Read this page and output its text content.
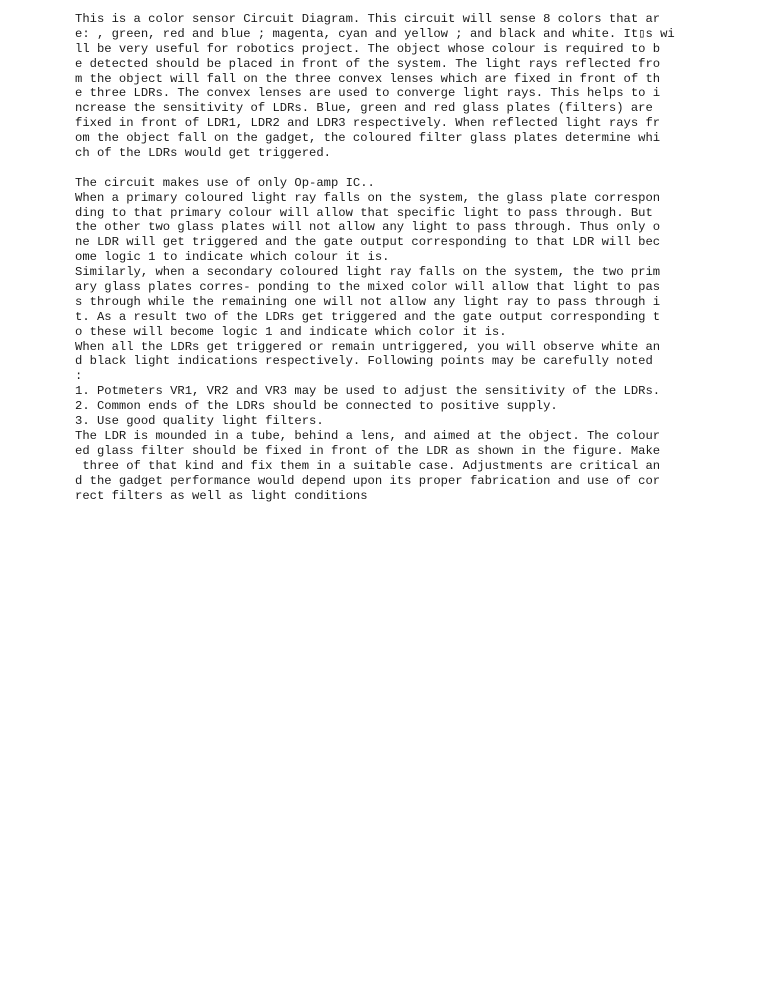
This is a color sensor Circuit Diagram. This circuit will sense 8 colors that ar
e: , green, red and blue ; magenta, cyan and yellow ; and black and white. It▯s wi
ll be very useful for robotics project. The object whose colour is required to b
e detected should be placed in front of the system. The light rays reflected fro
m the object will fall on the three convex lenses which are fixed in front of th
e three LDRs. The convex lenses are used to converge light rays. This helps to i
ncrease the sensitivity of LDRs. Blue, green and red glass plates (filters) are
fixed in front of LDR1, LDR2 and LDR3 respectively. When reflected light rays fr
om the object fall on the gadget, the coloured filter glass plates determine whi
ch of the LDRs would get triggered.
The circuit makes use of only Op-amp IC..
When a primary coloured light ray falls on the system, the glass plate correspon
ding to that primary colour will allow that specific light to pass through. But
the other two glass plates will not allow any light to pass through. Thus only o
ne LDR will get triggered and the gate output corresponding to that LDR will bec
ome logic 1 to indicate which colour it is.
Similarly, when a secondary coloured light ray falls on the system, the two prim
ary glass plates corres- ponding to the mixed color will allow that light to pas
s through while the remaining one will not allow any light ray to pass through i
t. As a result two of the LDRs get triggered and the gate output corresponding t
o these will become logic 1 and indicate which color it is.
When all the LDRs get triggered or remain untriggered, you will observe white an
d black light indications respectively. Following points may be carefully noted
:
1. Potmeters VR1, VR2 and VR3 may be used to adjust the sensitivity of the LDRs.
2. Common ends of the LDRs should be connected to positive supply.
3. Use good quality light filters.
The LDR is mounded in a tube, behind a lens, and aimed at the object. The colour
ed glass filter should be fixed in front of the LDR as shown in the figure. Make
three of that kind and fix them in a suitable case. Adjustments are critical an
d the gadget performance would depend upon its proper fabrication and use of cor
rect filters as well as light conditions
